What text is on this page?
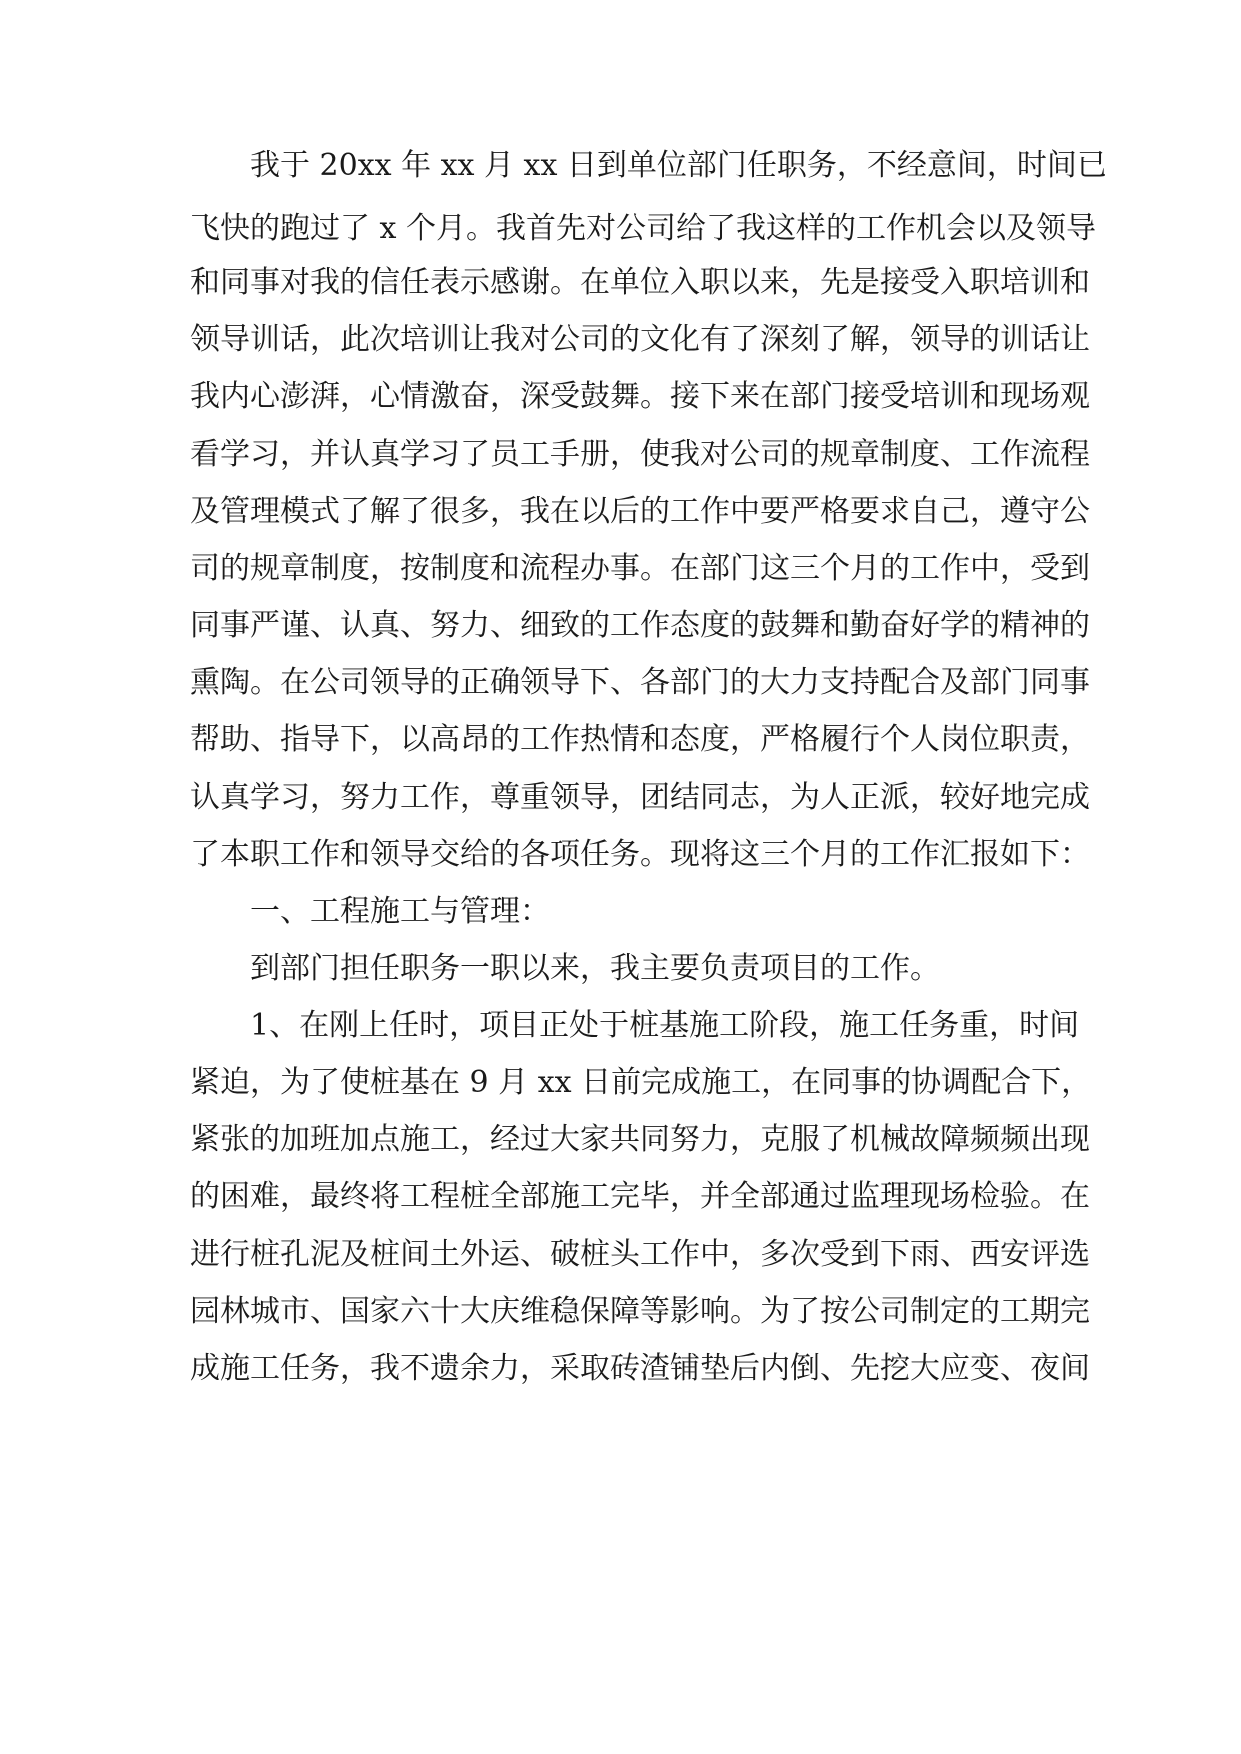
我于 20xx 年 xx 月 xx 日到单位部门任职务，不经意间，时间已
飞快的跑过了 x 个月。我首先对公司给了我这样的工作机会以及领导
和同事对我的信任表示感谢。在单位入职以来，先是接受入职培训和
领导训话，此次培训让我对公司的文化有了深刻了解，领导的训话让
我内心澎湃，心情激奋，深受鼓舞。接下来在部门接受培训和现场观
看学习，并认真学习了员工手册，使我对公司的规章制度、工作流程
及管理模式了解了很多，我在以后的工作中要严格要求自己，遵守公
司的规章制度，按制度和流程办事。在部门这三个月的工作中，受到
同事严谨、认真、努力、细致的工作态度的鼓舞和勤奋好学的精神的
熏陶。在公司领导的正确领导下、各部门的大力支持配合及部门同事
帮助、指导下，以高昂的工作热情和态度，严格履行个人岗位职责，
认真学习，努力工作，尊重领导，团结同志，为人正派，较好地完成
了本职工作和领导交给的各项任务。现将这三个月的工作汇报如下：
一、工程施工与管理：
到部门担任职务一职以来，我主要负责项目的工作。
1、在刚上任时，项目正处于桩基施工阶段，施工任务重，时间
紧迫，为了使桩基在 9 月 xx 日前完成施工，在同事的协调配合下，
紧张的加班加点施工，经过大家共同努力，克服了机械故障频频出现
的困难，最终将工程桩全部施工完毕，并全部通过监理现场检验。在
进行桩孔泥及桩间土外运、破桩头工作中，多次受到下雨、西安评选
园林城市、国家六十大庆维稳保障等影响。为了按公司制定的工期完
成施工任务，我不遗余力，采取砖渣铺垫后内倒、先挖大应变、夜间
